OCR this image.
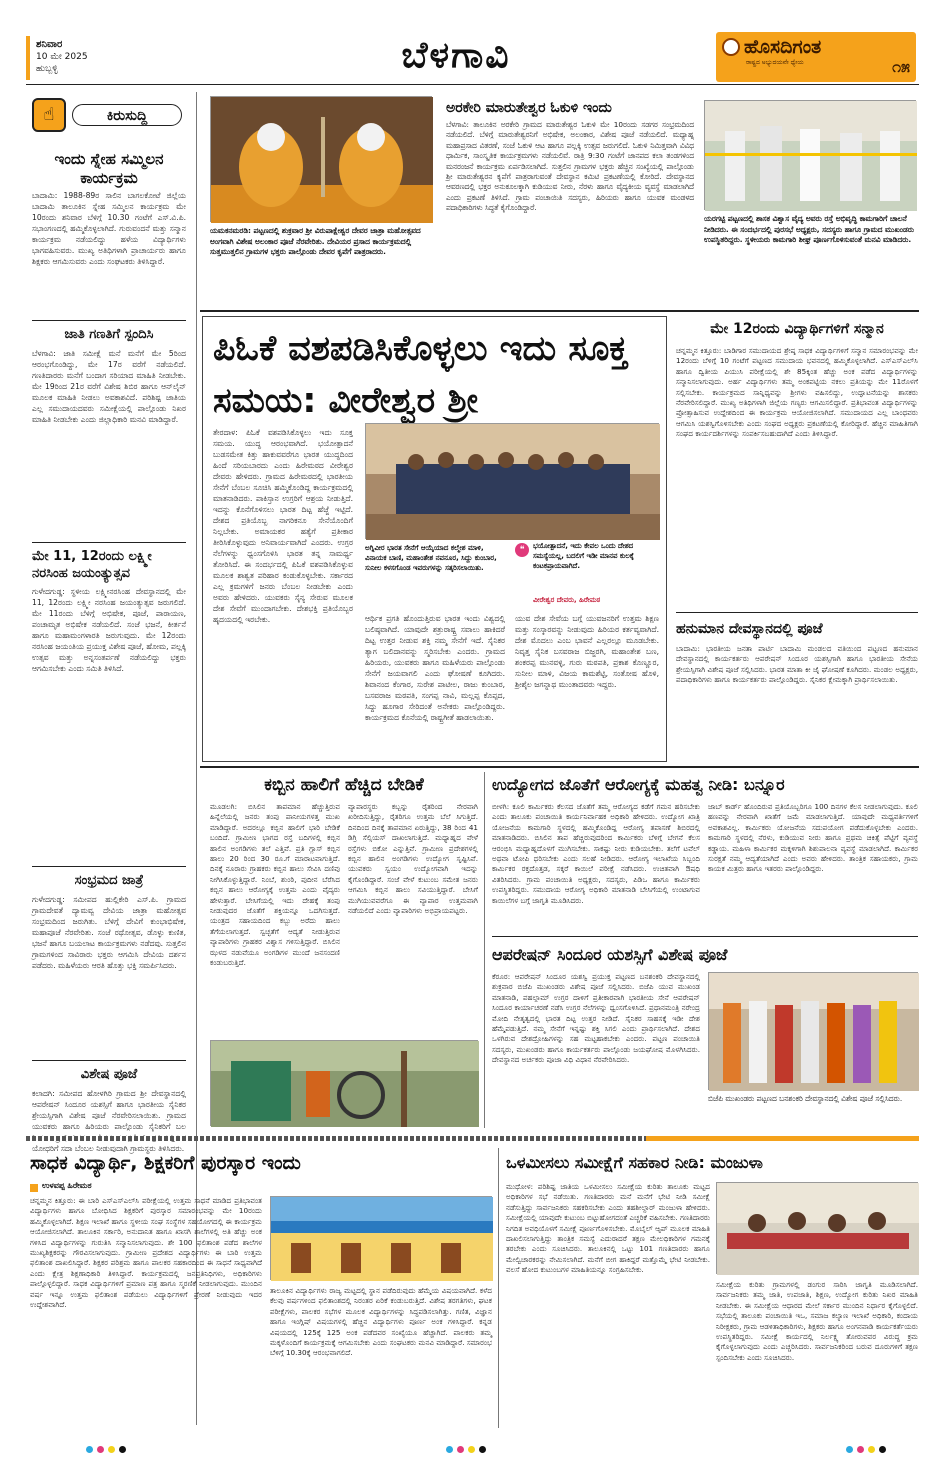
ಶನಿವಾರ
10 ಮೇ 2025
ಹುಬ್ಬಳ್ಳಿ	ಬೆಳಗಾವಿ	ಹೊಸದಿಗಂತ
ರಾಷ್ಟ್ರದ ಅಭ್ಯುದಯವೇ ಧ್ಯೇಯ	೧೫
☝	ಕಿರುಸುದ್ದಿ
ಇಂದು ಸ್ನೇಹ ಸಮ್ಮಿಲನ ಕಾರ್ಯಕ್ರಮ
ಬಾದಾಮಿ: 1988-89ರ ಸಾಲಿನ ಬಾಗಲಕೋಟೆ ಜಿಲ್ಲೆಯ ಬಾದಾಮಿ ತಾಲೂಕಿನ ಸ್ನೇಹ ಸಮ್ಮಿಲನ ಕಾರ್ಯಕ್ರಮ ಮೇ 10ರಂದು ಶನಿವಾರ ಬೆಳಿಗ್ಗೆ 10.30 ಗಂಟೆಗೆ ಎಸ್.ವಿ.ಪಿ. ಸಭಾಂಗಣದಲ್ಲಿ ಹಮ್ಮಿಕೊಳ್ಳಲಾಗಿದೆ. ಗುರುವಂದನೆ ಮತ್ತು ಸನ್ಮಾನ ಕಾರ್ಯಕ್ರಮ ನಡೆಯಲಿದ್ದು ಹಳೆಯ ವಿದ್ಯಾರ್ಥಿಗಳು ಭಾಗವಹಿಸುವರು. ಮುಖ್ಯ ಅತಿಥಿಗಳಾಗಿ ಪ್ರಾಚಾರ್ಯರು ಹಾಗೂ ಶಿಕ್ಷಕರು ಆಗಮಿಸುವರು ಎಂದು ಸಂಘಟಕರು ತಿಳಿಸಿದ್ದಾರೆ.
ಜಾತಿ ಗಣತಿಗೆ ಸ್ಪಂದಿಸಿ
ಬೆಳಗಾವಿ: ಜಾತಿ ಸಮೀಕ್ಷೆ ಮನೆ ಮನೆಗೆ ಮೇ 5ರಿಂದ ಆರಂಭಗೊಂಡಿದ್ದು, ಮೇ 17ರ ವರೆಗೆ ನಡೆಯಲಿದೆ. ಗಣತಿದಾರರು ಮನೆಗೆ ಬಂದಾಗ ಸರಿಯಾದ ಮಾಹಿತಿ ನೀಡಬೇಕು. ಮೇ 19ರಿಂದ 21ರ ವರೆಗೆ ವಿಶೇಷ ಶಿಬಿರ ಹಾಗೂ ಆನ್‌ಲೈನ್ ಮೂಲಕ ಮಾಹಿತಿ ನೀಡಲು ಅವಕಾಶವಿದೆ. ಪರಿಶಿಷ್ಟ ಜಾತಿಯ ಎಲ್ಲ ಸಮುದಾಯದವರು ಸಮೀಕ್ಷೆಯಲ್ಲಿ ಪಾಲ್ಗೊಂಡು ನಿಖರ ಮಾಹಿತಿ ನೀಡಬೇಕು ಎಂದು ಜಿಲ್ಲಾಧಿಕಾರಿ ಮನವಿ ಮಾಡಿದ್ದಾರೆ.
ಮೇ 11, 12ರಂದು ಲಕ್ಷ್ಮೀ ನರಸಿಂಹ ಜಯಂತ್ಯುತ್ಸವ
ಗುಳೇದಗುಡ್ಡ: ಸ್ಥಳೀಯ ಲಕ್ಷ್ಮೀನರಸಿಂಹ ದೇವಸ್ಥಾನದಲ್ಲಿ ಮೇ 11, 12ರಂದು ಲಕ್ಷ್ಮೀ ನರಸಿಂಹ ಜಯಂತ್ಯುತ್ಸವ ಜರುಗಲಿದೆ. ಮೇ 11ರಂದು ಬೆಳಿಗ್ಗೆ ಅಭಿಷೇಕ, ಪೂಜೆ, ಪಾರಾಯಣ, ಪಂಚಾಮೃತ ಅಭಿಷೇಕ ನಡೆಯಲಿದೆ. ಸಂಜೆ ಭಜನೆ, ಕೀರ್ತನೆ ಹಾಗೂ ಮಹಾಮಂಗಳಾರತಿ ಜರುಗುವುದು. ಮೇ 12ರಂದು ನರಸಿಂಹ ಜಯಂತಿಯ ಪ್ರಯುಕ್ತ ವಿಶೇಷ ಪೂಜೆ, ಹೋಮ, ಪಲ್ಲಕ್ಕಿ ಉತ್ಸವ ಮತ್ತು ಅನ್ನಸಂತರ್ಪಣೆ ನಡೆಯಲಿದ್ದು ಭಕ್ತರು ಆಗಮಿಸಬೇಕು ಎಂದು ಸಮಿತಿ ತಿಳಿಸಿದೆ.
ಸಂಭ್ರಮದ ಜಾತ್ರೆ
ಗುಳೇದಗುಡ್ಡ: ಸಮೀಪದ ಹುಲ್ಲಿಕೇರಿ ಎಸ್.ಪಿ. ಗ್ರಾಮದ ಗ್ರಾಮದೇವತೆ ದ್ಯಾಮವ್ವ ದೇವಿಯ ಜಾತ್ರಾ ಮಹೋತ್ಸವ ಸಂಭ್ರಮದಿಂದ ಜರುಗಿತು. ಬೆಳಿಗ್ಗೆ ದೇವಿಗೆ ಕುಂಭಾಭಿಷೇಕ, ಮಹಾಪೂಜೆ ನೆರವೇರಿತು. ಸಂಜೆ ರಥೋತ್ಸವ, ಡೊಳ್ಳು ಕುಣಿತ, ಭಜನೆ ಹಾಗೂ ಬಯಲಾಟ ಕಾರ್ಯಕ್ರಮಗಳು ನಡೆದವು. ಸುತ್ತಲಿನ ಗ್ರಾಮಗಳಿಂದ ಸಾವಿರಾರು ಭಕ್ತರು ಆಗಮಿಸಿ ದೇವಿಯ ದರ್ಶನ ಪಡೆದರು. ಮಹಿಳೆಯರು ಆರತಿ ಹೊತ್ತು ಭಕ್ತಿ ಸಮರ್ಪಿಸಿದರು.
ವಿಶೇಷ ಪೂಜೆ
ಕಲಾದಗಿ: ಸಮೀಪದ ಹೋಳಗಿರಿ ಗ್ರಾಮದ ಶ್ರೀ ದೇವಸ್ಥಾನದಲ್ಲಿ ಆಪರೇಷನ್ ಸಿಂದೂರ ಯಶಸ್ಸಿಗೆ ಹಾಗೂ ಭಾರತೀಯ ಸೈನಿಕರ ಶ್ರೇಯಸ್ಸಿಗಾಗಿ ವಿಶೇಷ ಪೂಜೆ ನೆರವೇರಿಸಲಾಯಿತು. ಗ್ರಾಮದ ಯುವಕರು ಹಾಗೂ ಹಿರಿಯರು ಪಾಲ್ಗೊಂಡು ಸೈನಿಕರಿಗೆ ಬಲ      ಯೋಧರಿಗೆ ಸದಾ ಬೆಂಬಲ ನೀಡುವುದಾಗಿ ಗ್ರಾಮಸ್ಥರು ತಿಳಿಸಿದರು.
ಯಮಕನಮರಡಿ: ಪಟ್ಟಣದಲ್ಲಿ ಶುಕ್ರವಾರ ಶ್ರೀ ವಿರುಪಾಕ್ಷೇಶ್ವರ ದೇವರ ಜಾತ್ರಾ ಮಹೋತ್ಸವದ ಅಂಗವಾಗಿ ವಿಶೇಷ ಅಲಂಕಾರ ಪೂಜೆ ನೆರವೇರಿತು. ದೇವಿಯರ ಪ್ರಸಾದ ಕಾರ್ಯಕ್ರಮದಲ್ಲಿ ಸುತ್ತಮುತ್ತಲಿನ ಗ್ರಾಮಗಳ ಭಕ್ತರು ಪಾಲ್ಗೊಂಡು ದೇವರ ಕೃಪೆಗೆ ಪಾತ್ರರಾದರು.
ಅರಕೇರಿ ಮಾರುತೇಶ್ವರ ಓಕುಳಿ ಇಂದು
ಬೆಳಗಾವಿ: ತಾಲೂಕಿನ ಅರಕೇರಿ ಗ್ರಾಮದ ಮಾರುತೇಶ್ವರ ಓಕುಳಿ ಮೇ 10ರಂದು ಸಡಗರ ಸಂಭ್ರಮದಿಂದ ನಡೆಯಲಿದೆ. ಬೆಳಿಗ್ಗೆ ಮಾರುತೇಶ್ವರನಿಗೆ ಅಭಿಷೇಕ, ಅಲಂಕಾರ, ವಿಶೇಷ ಪೂಜೆ ನಡೆಯಲಿದೆ. ಮಧ್ಯಾಹ್ನ ಮಹಾಪ್ರಸಾದ ವಿತರಣೆ, ಸಂಜೆ ಓಕುಳಿ ಆಟ ಹಾಗೂ ಪಲ್ಲಕ್ಕಿ ಉತ್ಸವ ಜರುಗಲಿದೆ. ಓಕುಳಿ ನಿಮಿತ್ತವಾಗಿ ವಿವಿಧ ಧಾರ್ಮಿಕ, ಸಾಂಸ್ಕೃತಿಕ ಕಾರ್ಯಕ್ರಮಗಳು ನಡೆಯಲಿವೆ. ರಾತ್ರಿ 9:30 ಗಂಟೆಗೆ ಜಾನಪದ ಕಲಾ ತಂಡಗಳಿಂದ ಮನರಂಜನೆ ಕಾರ್ಯಕ್ರಮ ಏರ್ಪಡಿಸಲಾಗಿದೆ. ಸುತ್ತಲಿನ ಗ್ರಾಮಗಳ ಭಕ್ತರು ಹೆಚ್ಚಿನ ಸಂಖ್ಯೆಯಲ್ಲಿ ಪಾಲ್ಗೊಂಡು ಶ್ರೀ ಮಾರುತೇಶ್ವರನ ಕೃಪೆಗೆ ಪಾತ್ರರಾಗುವಂತೆ ದೇವಸ್ಥಾನ ಕಮಿಟಿ ಪ್ರಕಟಣೆಯಲ್ಲಿ ಕೋರಿದೆ. ದೇವಸ್ಥಾನದ ಆವರಣದಲ್ಲಿ ಭಕ್ತರ ಅನುಕೂಲಕ್ಕಾಗಿ ಕುಡಿಯುವ ನೀರು, ನೆರಳು ಹಾಗೂ ವೈದ್ಯಕೀಯ ವ್ಯವಸ್ಥೆ ಮಾಡಲಾಗಿದೆ ಎಂದು ಪ್ರಕಟಣೆ ತಿಳಿಸಿದೆ. ಗ್ರಾಮ ಪಂಚಾಯಿತಿ ಸದಸ್ಯರು, ಹಿರಿಯರು ಹಾಗೂ ಯುವಕ ಮಂಡಳದ ಪದಾಧಿಕಾರಿಗಳು ಸಿದ್ಧತೆ ಕೈಗೊಂಡಿದ್ದಾರೆ.
ಯರಗಟ್ಟಿ ಪಟ್ಟಣದಲ್ಲಿ ಶಾಸಕ ವಿಶ್ವಾಸ ವೈದ್ಯ ಅವರು ರಸ್ತೆ ಅಭಿವೃದ್ಧಿ ಕಾಮಗಾರಿಗೆ ಚಾಲನೆ ನೀಡಿದರು. ಈ ಸಂದರ್ಭದಲ್ಲಿ ಪುರಸಭೆ ಅಧ್ಯಕ್ಷರು, ಸದಸ್ಯರು ಹಾಗೂ ಗ್ರಾಮದ ಮುಖಂಡರು ಉಪಸ್ಥಿತರಿದ್ದರು. ಸ್ಥಳೀಯರು ಕಾಮಗಾರಿ ಶೀಘ್ರ ಪೂರ್ಣಗೊಳಿಸುವಂತೆ ಮನವಿ ಮಾಡಿದರು.
ಪಿಓಕೆ ವಶಪಡಿಸಿಕೊಳ್ಳಲು ಇದು ಸೂಕ್ತ ಸಮಯ: ವೀರೇಶ್ವರ ಶ್ರೀ
ತೇರದಾಳ: ಪಿಓಕೆ ವಶಪಡಿಸಿಕೊಳ್ಳಲು ಇದು ಸೂಕ್ತ ಸಮಯ. ಯುದ್ಧ ಆರಂಭವಾಗಿದೆ. ಭಯೋತ್ಪಾದನೆ ಬುಡಸಮೇತ ಕಿತ್ತು ಹಾಕುವವರೆಗೂ ಭಾರತ ಯುದ್ಧದಿಂದ ಹಿಂದೆ ಸರಿಯಬಾರದು ಎಂದು ಹಿರೇಮಠದ ವೀರೇಶ್ವರ ದೇವರು ಹೇಳಿದರು. ಗ್ರಾಮದ ಹಿರೇಮಠದಲ್ಲಿ ಭಾರತೀಯ ಸೇನೆಗೆ ಬೆಂಬಲ ಸೂಚಿಸಿ ಹಮ್ಮಿಕೊಂಡಿದ್ದ ಕಾರ್ಯಕ್ರಮದಲ್ಲಿ ಮಾತನಾಡಿದರು. ಪಾಕಿಸ್ತಾನ ಉಗ್ರರಿಗೆ ಆಶ್ರಯ ನೀಡುತ್ತಿದೆ. ಇದನ್ನು ಕೊನೆಗೊಳಿಸಲು ಭಾರತ ದಿಟ್ಟ ಹೆಜ್ಜೆ ಇಟ್ಟಿದೆ. ದೇಶದ ಪ್ರತಿಯೊಬ್ಬ ನಾಗರಿಕನೂ ಸೇನೆಯೊಂದಿಗೆ ನಿಲ್ಲಬೇಕು. ಅಮಾಯಕರ ಹತ್ಯೆಗೆ ಪ್ರತೀಕಾರ ತೀರಿಸಿಕೊಳ್ಳುವುದು ಅನಿವಾರ್ಯವಾಗಿದೆ ಎಂದರು. ಉಗ್ರರ ನೆಲೆಗಳನ್ನು ಧ್ವಂಸಗೊಳಿಸಿ ಭಾರತ ತನ್ನ ಸಾಮರ್ಥ್ಯ ತೋರಿಸಿದೆ. ಈ ಸಂದರ್ಭದಲ್ಲಿ ಪಿಓಕೆ ವಶಪಡಿಸಿಕೊಳ್ಳುವ ಮೂಲಕ ಶಾಶ್ವತ ಪರಿಹಾರ ಕಂಡುಕೊಳ್ಳಬೇಕು. ಸರ್ಕಾರದ ಎಲ್ಲ ಕ್ರಮಗಳಿಗೆ ಜನರು ಬೆಂಬಲ ನೀಡಬೇಕು ಎಂದು ಅವರು ಹೇಳಿದರು. ಯುವಕರು ಸೈನ್ಯ ಸೇರುವ ಮೂಲಕ ದೇಶ ಸೇವೆಗೆ ಮುಂದಾಗಬೇಕು. ದೇಶಭಕ್ತಿ ಪ್ರತಿಯೊಬ್ಬರ ಹೃದಯದಲ್ಲಿ ಇರಬೇಕು.
ಅಗ್ನಿವೀರ ಭಾರತ ಸೇನೆಗೆ ಆಯ್ಕೆಯಾದ ಕಲ್ಮೇಶ ಮಾಳಿ, ವಿನಾಯಕ ಬಾಣಿ, ಮಹಾಂತೇಶ ನವನೂರ, ಸಿದ್ದು ಕುಂಬಾರ, ಸುನೀಲ ಕಳಸಗೊಂಡ ಇವರುಗಳನ್ನು ಸತ್ಕರಿಸಲಾಯಿತು.
❝	ಭಯೋತ್ಪಾದನೆ, ಇದು ಕೇವಲ ಒಂದು ದೇಶದ ಸಮಸ್ಯೆಯಲ್ಲ, ಬದಲಿಗೆ ಇಡೀ ಮಾನವ ಕುಲಕ್ಕೆ ಕಂಟಕಪ್ರಾಯವಾಗಿದೆ.
ವೀರೇಶ್ವರ ದೇವರು, ಹಿರೇಮಠ
ಆರ್ಥಿಕ ಪ್ರಗತಿ ಹೊಂದುತ್ತಿರುವ ಭಾರತ ಇಂದು ವಿಶ್ವದಲ್ಲಿ ಬಲಿಷ್ಠವಾಗಿದೆ. ಯಾವುದೇ ಶತ್ರುರಾಷ್ಟ್ರ ಸವಾಲು ಹಾಕಿದರೆ ದಿಟ್ಟ ಉತ್ತರ ನೀಡುವ ಶಕ್ತಿ ನಮ್ಮ ಸೇನೆಗೆ ಇದೆ. ಸೈನಿಕರ ತ್ಯಾಗ ಬಲಿದಾನವನ್ನು ಸ್ಮರಿಸಬೇಕು ಎಂದರು. ಗ್ರಾಮದ ಹಿರಿಯರು, ಯುವಕರು ಹಾಗೂ ಮಹಿಳೆಯರು ಪಾಲ್ಗೊಂಡು ಸೇನೆಗೆ ಜಯವಾಗಲಿ ಎಂದು ಘೋಷಣೆ ಕೂಗಿದರು. ಶಿವಾನಂದ ಕೆಂಗಾರ, ಸುರೇಶ ಪಾಟೀಲ, ರಾಜು ಕುಂಬಾರ, ಬಸವರಾಜ ಮಠಪತಿ, ಸಂಗಪ್ಪ ನಾವಿ, ಮಲ್ಲಪ್ಪ ಕೊಪ್ಪದ, ಸಿದ್ದು ಹೂಗಾರ ಸೇರಿದಂತೆ ಅನೇಕರು ಪಾಲ್ಗೊಂಡಿದ್ದರು. ಕಾರ್ಯಕ್ರಮದ ಕೊನೆಯಲ್ಲಿ ರಾಷ್ಟ್ರಗೀತೆ ಹಾಡಲಾಯಿತು.
ಯುವ ದೇಶ ಸೇವೆಯ ಬಗ್ಗೆ ಯುವಜನರಿಗೆ ಉತ್ತಮ ಶಿಕ್ಷಣ ಮತ್ತು ಸಂಸ್ಕಾರವನ್ನು ನೀಡುವುದು ಹಿರಿಯರ ಕರ್ತವ್ಯವಾಗಿದೆ. ದೇಶ ಮೊದಲು ಎಂಬ ಭಾವನೆ ಎಲ್ಲರಲ್ಲೂ ಮೂಡಬೇಕು. ನಿವೃತ್ತ ಸೈನಿಕ ಬಸವರಾಜ ಬಿಜ್ಜರಗಿ, ಮಹಾಂತೇಶ ಬಣ, ಶಂಕರಪ್ಪ ಮುನವಳ್ಳಿ, ಗುರು ಮಠಪತಿ, ಪ್ರಕಾಶ ಕೊಣ್ಣೂರ, ಸುನೀಲ ಮಾಳಿ, ವಿಜಯ ಕಾಮಶೆಟ್ಟಿ, ಸಂತೋಷ ಹೊಳಿ, ಶ್ರೀಶೈಲ ಜಗನ್ನಾಥ ಮುಂತಾದವರು ಇದ್ದರು.
ಮೇ 12ರಂದು ವಿದ್ಯಾರ್ಥಿಗಳಿಗೆ ಸನ್ಮಾನ
ಚನ್ನಮ್ಮನ ಕಿತ್ತೂರು: ಬಾಡಿಗಾರ ಸಮುದಾಯದ ಶ್ರೇಷ್ಠ ಸಾಧಕ ವಿದ್ಯಾರ್ಥಿಗಳಿಗೆ ಸನ್ಮಾನ ಸಮಾರಂಭವನ್ನು ಮೇ 12ರಂದು ಬೆಳಿಗ್ಗೆ 10 ಗಂಟೆಗೆ ಪಟ್ಟಣದ ಸಮುದಾಯ ಭವನದಲ್ಲಿ ಹಮ್ಮಿಕೊಳ್ಳಲಾಗಿದೆ. ಎಸ್‌ಎಸ್‌ಎಲ್‌ಸಿ ಹಾಗೂ ದ್ವಿತೀಯ ಪಿಯುಸಿ ಪರೀಕ್ಷೆಯಲ್ಲಿ ಶೇ 85ಕ್ಕಿಂತ ಹೆಚ್ಚು ಅಂಕ ಪಡೆದ ವಿದ್ಯಾರ್ಥಿಗಳನ್ನು ಸನ್ಮಾನಿಸಲಾಗುವುದು. ಅರ್ಹ ವಿದ್ಯಾರ್ಥಿಗಳು ತಮ್ಮ ಅಂಕಪಟ್ಟಿಯ ನಕಲು ಪ್ರತಿಯನ್ನು ಮೇ 11ರೊಳಗೆ ಸಲ್ಲಿಸಬೇಕು. ಕಾರ್ಯಕ್ರಮದ ಸಾನ್ನಿಧ್ಯವನ್ನು ಶ್ರೀಗಳು ವಹಿಸಲಿದ್ದು, ಉದ್ಘಾಟನೆಯನ್ನು ಶಾಸಕರು ನೆರವೇರಿಸಲಿದ್ದಾರೆ. ಮುಖ್ಯ ಅತಿಥಿಗಳಾಗಿ ಜಿಲ್ಲೆಯ ಗಣ್ಯರು ಆಗಮಿಸಲಿದ್ದಾರೆ. ಪ್ರತಿಭಾವಂತ ವಿದ್ಯಾರ್ಥಿಗಳನ್ನು ಪ್ರೋತ್ಸಾಹಿಸುವ ಉದ್ದೇಶದಿಂದ ಈ ಕಾರ್ಯಕ್ರಮ ಆಯೋಜಿಸಲಾಗಿದೆ. ಸಮುದಾಯದ ಎಲ್ಲ ಬಾಂಧವರು ಆಗಮಿಸಿ ಯಶಸ್ವಿಗೊಳಿಸಬೇಕು ಎಂದು ಸಂಘದ ಅಧ್ಯಕ್ಷರು ಪ್ರಕಟಣೆಯಲ್ಲಿ ಕೋರಿದ್ದಾರೆ. ಹೆಚ್ಚಿನ ಮಾಹಿತಿಗಾಗಿ ಸಂಘದ ಕಾರ್ಯದರ್ಶಿಗಳನ್ನು ಸಂಪರ್ಕಿಸಬಹುದಾಗಿದೆ ಎಂದು ತಿಳಿಸಿದ್ದಾರೆ.
ಹನುಮಾನ ದೇವಸ್ಥಾನದಲ್ಲಿ ಪೂಜೆ
ಬಾದಾಮಿ: ಭಾರತೀಯ ಜನತಾ ಪಾರ್ಟಿ ಬಾದಾಮಿ ಮಂಡಲದ ವತಿಯಿಂದ ಪಟ್ಟಣದ ಹನುಮಾನ ದೇವಸ್ಥಾನದಲ್ಲಿ ಕಾರ್ಯಕರ್ತರು ಆಪರೇಷನ್ ಸಿಂದೂರ ಯಶಸ್ಸಿಗಾಗಿ ಹಾಗೂ ಭಾರತೀಯ ಸೇನೆಯ ಶ್ರೇಯಸ್ಸಿಗಾಗಿ ವಿಶೇಷ ಪೂಜೆ ಸಲ್ಲಿಸಿದರು. ಭಾರತ ಮಾತಾ ಕೀ ಜೈ ಘೋಷಣೆ ಕೂಗಿದರು. ಮಂಡಲ ಅಧ್ಯಕ್ಷರು, ಪದಾಧಿಕಾರಿಗಳು ಹಾಗೂ ಕಾರ್ಯಕರ್ತರು ಪಾಲ್ಗೊಂಡಿದ್ದರು. ಸೈನಿಕರ ಕ್ಷೇಮಕ್ಕಾಗಿ ಪ್ರಾರ್ಥಿಸಲಾಯಿತು.
ಕಬ್ಬಿನ ಹಾಲಿಗೆ ಹೆಚ್ಚಿದ ಬೇಡಿಕೆ
ಮೂಡಲಗಿ: ಬಿಸಿಲಿನ ತಾಪಮಾನ ಹೆಚ್ಚುತ್ತಿರುವ ಹಿನ್ನೆಲೆಯಲ್ಲಿ ಜನರು ತಂಪು ಪಾನೀಯಗಳತ್ತ ಮುಖ ಮಾಡಿದ್ದಾರೆ. ಅದರಲ್ಲೂ ಕಬ್ಬಿನ ಹಾಲಿಗೆ ಭಾರಿ ಬೇಡಿಕೆ ಬಂದಿದೆ. ಗ್ರಾಮೀಣ ಭಾಗದ ರಸ್ತೆ ಬದಿಗಳಲ್ಲಿ ಕಬ್ಬಿನ ಹಾಲಿನ ಅಂಗಡಿಗಳು ತಲೆ ಎತ್ತಿವೆ. ಪ್ರತಿ ಗ್ಲಾಸ್ ಕಬ್ಬಿನ ಹಾಲು 20 ರಿಂದ 30 ರೂ.ಗೆ ಮಾರಾಟವಾಗುತ್ತಿದೆ. ದಿನಕ್ಕೆ ನೂರಾರು ಗ್ರಾಹಕರು ಕಬ್ಬಿನ ಹಾಲು ಸೇವಿಸಿ ದಣಿವು ನೀಗಿಸಿಕೊಳ್ಳುತ್ತಿದ್ದಾರೆ. ನಿಂಬೆ, ಶುಂಠಿ, ಪುದೀನ ಬೆರೆಸಿದ ಕಬ್ಬಿನ ಹಾಲು ಆರೋಗ್ಯಕ್ಕೆ ಉತ್ತಮ ಎಂದು ವೈದ್ಯರು ಹೇಳುತ್ತಾರೆ. ಬೇಸಿಗೆಯಲ್ಲಿ ಇದು ದೇಹಕ್ಕೆ ತಂಪು ನೀಡುವುದರ ಜೊತೆಗೆ ಶಕ್ತಿಯನ್ನೂ ಒದಗಿಸುತ್ತದೆ. ಯಂತ್ರದ ಸಹಾಯದಿಂದ ಕಬ್ಬು ಅರೆದು ಹಾಲು ತೆಗೆಯಲಾಗುತ್ತದೆ. ಸ್ವಚ್ಛತೆಗೆ ಆದ್ಯತೆ ನೀಡುತ್ತಿರುವ ವ್ಯಾಪಾರಿಗಳು ಗ್ರಾಹಕರ ವಿಶ್ವಾಸ ಗಳಿಸುತ್ತಿದ್ದಾರೆ. ಬಿಸಿಲಿನ ಝಳದ ನಡುವೆಯೂ ಅಂಗಡಿಗಳ ಮುಂದೆ ಜನಸಂದಣಿ ಕಂಡುಬರುತ್ತಿದೆ.
ವ್ಯಾಪಾರಸ್ಥರು ಕಬ್ಬನ್ನು ರೈತರಿಂದ ನೇರವಾಗಿ ಖರೀದಿಸುತ್ತಿದ್ದು, ರೈತರಿಗೂ ಉತ್ತಮ ಬೆಲೆ ಸಿಗುತ್ತಿದೆ. ದಿನದಿಂದ ದಿನಕ್ಕೆ ತಾಪಮಾನ ಏರುತ್ತಿದ್ದು, 38 ರಿಂದ 41 ಡಿಗ್ರಿ ಸೆಲ್ಸಿಯಸ್ ದಾಖಲಾಗುತ್ತಿದೆ. ಮಧ್ಯಾಹ್ನದ ವೇಳೆ ರಸ್ತೆಗಳು ಬಿಕೋ ಎನ್ನುತ್ತಿವೆ. ಗ್ರಾಮೀಣ ಪ್ರದೇಶಗಳಲ್ಲಿ ಕಬ್ಬಿನ ಹಾಲಿನ ಅಂಗಡಿಗಳು ಉದ್ಯೋಗ ಸೃಷ್ಟಿಸಿವೆ. ಯುವಕರು ಸ್ವಯಂ ಉದ್ಯೋಗವಾಗಿ ಇದನ್ನು ಕೈಗೊಂಡಿದ್ದಾರೆ. ಸಂಜೆ ವೇಳೆ ಕುಟುಂಬ ಸಮೇತ ಜನರು ಆಗಮಿಸಿ ಕಬ್ಬಿನ ಹಾಲು ಸವಿಯುತ್ತಿದ್ದಾರೆ. ಬೇಸಿಗೆ ಮುಗಿಯುವವರೆಗೂ ಈ ವ್ಯಾಪಾರ ಉತ್ತಮವಾಗಿ ನಡೆಯಲಿದೆ ಎಂದು ವ್ಯಾಪಾರಿಗಳು ಅಭಿಪ್ರಾಯಪಟ್ಟರು.
ಉದ್ಯೋಗದ ಜೊತೆಗೆ ಆರೋಗ್ಯಕ್ಕೆ ಮಹತ್ವ ನೀಡಿ: ಬನ್ನೂರ
ಬೀಳಗಿ: ಕೂಲಿ ಕಾರ್ಮಿಕರು ಕೆಲಸದ ಜೊತೆಗೆ ತಮ್ಮ ಆರೋಗ್ಯದ ಕಡೆಗೆ ಗಮನ ಹರಿಸಬೇಕು ಎಂದು ತಾಲೂಕು ಪಂಚಾಯಿತಿ ಕಾರ್ಯನಿರ್ವಾಹಕ ಅಧಿಕಾರಿ ಹೇಳಿದರು. ಉದ್ಯೋಗ ಖಾತ್ರಿ ಯೋಜನೆಯ ಕಾಮಗಾರಿ ಸ್ಥಳದಲ್ಲಿ ಹಮ್ಮಿಕೊಂಡಿದ್ದ ಆರೋಗ್ಯ ತಪಾಸಣೆ ಶಿಬಿರದಲ್ಲಿ ಮಾತನಾಡಿದರು. ಬಿಸಿಲಿನ ತಾಪ ಹೆಚ್ಚಿರುವುದರಿಂದ ಕಾರ್ಮಿಕರು ಬೆಳಿಗ್ಗೆ ಬೇಗನೆ ಕೆಲಸ ಆರಂಭಿಸಿ ಮಧ್ಯಾಹ್ನದೊಳಗೆ ಮುಗಿಸಬೇಕು. ಸಾಕಷ್ಟು ನೀರು ಕುಡಿಯಬೇಕು. ತಲೆಗೆ ಟವೆಲ್ ಅಥವಾ ಟೋಪಿ ಧರಿಸಬೇಕು ಎಂದು ಸಲಹೆ ನೀಡಿದರು. ಆರೋಗ್ಯ ಇಲಾಖೆಯ ಸಿಬ್ಬಂದಿ ಕಾರ್ಮಿಕರ ರಕ್ತದೊತ್ತಡ, ಸಕ್ಕರೆ ಕಾಯಿಲೆ ಪರೀಕ್ಷೆ ನಡೆಸಿದರು. ಉಚಿತವಾಗಿ ಔಷಧಿ ವಿತರಿಸಿದರು. ಗ್ರಾಮ ಪಂಚಾಯಿತಿ ಅಧ್ಯಕ್ಷರು, ಸದಸ್ಯರು, ಪಿಡಿಒ ಹಾಗೂ ಕಾರ್ಮಿಕರು ಉಪಸ್ಥಿತರಿದ್ದರು. ಸಮುದಾಯ ಆರೋಗ್ಯ ಅಧಿಕಾರಿ ಮಾತನಾಡಿ ಬೇಸಿಗೆಯಲ್ಲಿ ಉಂಟಾಗುವ ಕಾಯಿಲೆಗಳ ಬಗ್ಗೆ ಜಾಗೃತಿ ಮೂಡಿಸಿದರು.
ಜಾಬ್ ಕಾರ್ಡ್ ಹೊಂದಿರುವ ಪ್ರತಿಯೊಬ್ಬರಿಗೂ 100 ದಿನಗಳ ಕೆಲಸ ನೀಡಲಾಗುವುದು. ಕೂಲಿ ಹಣವನ್ನು ನೇರವಾಗಿ ಖಾತೆಗೆ ಜಮೆ ಮಾಡಲಾಗುತ್ತಿದೆ. ಯಾವುದೇ ಮಧ್ಯವರ್ತಿಗಳಿಗೆ ಅವಕಾಶವಿಲ್ಲ. ಕಾರ್ಮಿಕರು ಯೋಜನೆಯ ಸದುಪಯೋಗ ಪಡೆದುಕೊಳ್ಳಬೇಕು ಎಂದರು. ಕಾಮಗಾರಿ ಸ್ಥಳದಲ್ಲಿ ನೆರಳು, ಕುಡಿಯುವ ನೀರು ಹಾಗೂ ಪ್ರಥಮ ಚಿಕಿತ್ಸೆ ಪೆಟ್ಟಿಗೆ ವ್ಯವಸ್ಥೆ ಕಡ್ಡಾಯ. ಮಹಿಳಾ ಕಾರ್ಮಿಕರ ಮಕ್ಕಳಿಗಾಗಿ ಶಿಶುಪಾಲನಾ ವ್ಯವಸ್ಥೆ ಮಾಡಲಾಗಿದೆ. ಕಾರ್ಮಿಕರ ಸುರಕ್ಷತೆ ನಮ್ಮ ಆದ್ಯತೆಯಾಗಿದೆ ಎಂದು ಅವರು ಹೇಳಿದರು. ತಾಂತ್ರಿಕ ಸಹಾಯಕರು, ಗ್ರಾಮ ಕಾಯಕ ಮಿತ್ರರು ಹಾಗೂ ಇತರರು ಪಾಲ್ಗೊಂಡಿದ್ದರು.
ಆಪರೇಷನ್ ಸಿಂದೂರ ಯಶಸ್ಸಿಗೆ ವಿಶೇಷ ಪೂಜೆ
ಕೆರೂರ: ಆಪರೇಷನ್ ಸಿಂದೂರ ಯಶಸ್ವಿ ಪ್ರಯುಕ್ತ ಪಟ್ಟಣದ ಬನಶಂಕರಿ ದೇವಸ್ಥಾನದಲ್ಲಿ ಶುಕ್ರವಾರ ಬಿಜೆಪಿ ಮುಖಂಡರು ವಿಶೇಷ ಪೂಜೆ ಸಲ್ಲಿಸಿದರು. ಬಿಜೆಪಿ ಯುವ ಮುಖಂಡ ಮಾತನಾಡಿ, ಪಹಲ್ಗಾಮ್ ಉಗ್ರರ ದಾಳಿಗೆ ಪ್ರತೀಕಾರವಾಗಿ ಭಾರತೀಯ ಸೇನೆ ಆಪರೇಷನ್ ಸಿಂದೂರ ಕಾರ್ಯಾಚರಣೆ ನಡೆಸಿ ಉಗ್ರರ ನೆಲೆಗಳನ್ನು ಧ್ವಂಸಗೊಳಿಸಿದೆ. ಪ್ರಧಾನಮಂತ್ರಿ ನರೇಂದ್ರ ಮೋದಿ ನೇತೃತ್ವದಲ್ಲಿ ಭಾರತ ದಿಟ್ಟ ಉತ್ತರ ನೀಡಿದೆ. ಸೈನಿಕರ ಸಾಹಸಕ್ಕೆ ಇಡೀ ದೇಶ ಹೆಮ್ಮೆಪಡುತ್ತಿದೆ. ನಮ್ಮ ಸೇನೆಗೆ ಇನ್ನಷ್ಟು ಶಕ್ತಿ ಸಿಗಲಿ ಎಂದು ಪ್ರಾರ್ಥಿಸಲಾಗಿದೆ. ದೇಶದ ಒಳಗಿರುವ ದೇಶದ್ರೋಹಿಗಳನ್ನು ಸಹ ಮಟ್ಟಹಾಕಬೇಕು ಎಂದರು. ಪಟ್ಟಣ ಪಂಚಾಯಿತಿ ಸದಸ್ಯರು, ಮುಖಂಡರು ಹಾಗೂ ಕಾರ್ಯಕರ್ತರು ಪಾಲ್ಗೊಂಡು ಜಯಘೋಷ ಮೊಳಗಿಸಿದರು. ದೇವಸ್ಥಾನದ ಅರ್ಚಕರು ಪೂಜಾ ವಿಧಿ ವಿಧಾನ ನೆರವೇರಿಸಿದರು.
ಬಿಜೆಪಿ ಮುಖಂಡರು ಪಟ್ಟಣದ ಬನಶಂಕರಿ ದೇವಸ್ಥಾನದಲ್ಲಿ ವಿಶೇಷ ಪೂಜೆ ಸಲ್ಲಿಸಿದರು.
ಸಾಧಕ ವಿದ್ಯಾರ್ಥಿ, ಶಿಕ್ಷಕರಿಗೆ ಪುರಸ್ಕಾರ ಇಂದು
ಉಳವಪ್ಪ ಹಿರೇಮಠ
ಚನ್ನಮ್ಮನ ಕಿತ್ತೂರು: ಈ ಬಾರಿ ಎಸ್‌ಎಸ್‌ಎಲ್‌ಸಿ ಪರೀಕ್ಷೆಯಲ್ಲಿ ಉತ್ತಮ ಸಾಧನೆ ಮಾಡಿದ ಪ್ರತಿಭಾವಂತ ವಿದ್ಯಾರ್ಥಿಗಳು ಹಾಗೂ ಬೋಧಿಸಿದ ಶಿಕ್ಷಕರಿಗೆ ಪುರಸ್ಕಾರ ಸಮಾರಂಭವನ್ನು ಮೇ 10ರಂದು ಹಮ್ಮಿಕೊಳ್ಳಲಾಗಿದೆ. ಶಿಕ್ಷಣ ಇಲಾಖೆ ಹಾಗೂ ಸ್ಥಳೀಯ ಸಂಘ ಸಂಸ್ಥೆಗಳ ಸಹಯೋಗದಲ್ಲಿ ಈ ಕಾರ್ಯಕ್ರಮ ಆಯೋಜಿಸಲಾಗಿದೆ. ತಾಲೂಕಿನ ಸರ್ಕಾರಿ, ಅನುದಾನಿತ ಹಾಗೂ ಖಾಸಗಿ ಶಾಲೆಗಳಲ್ಲಿ ಅತಿ ಹೆಚ್ಚು ಅಂಕ ಗಳಿಸಿದ ವಿದ್ಯಾರ್ಥಿಗಳನ್ನು ಗುರುತಿಸಿ ಸನ್ಮಾನಿಸಲಾಗುವುದು. ಶೇ 100 ಫಲಿತಾಂಶ ಪಡೆದ ಶಾಲೆಗಳ ಮುಖ್ಯಶಿಕ್ಷಕರನ್ನು ಗೌರವಿಸಲಾಗುವುದು. ಗ್ರಾಮೀಣ ಪ್ರದೇಶದ ವಿದ್ಯಾರ್ಥಿಗಳು ಈ ಬಾರಿ ಉತ್ತಮ ಫಲಿತಾಂಶ ದಾಖಲಿಸಿದ್ದಾರೆ. ಶಿಕ್ಷಕರ ಪರಿಶ್ರಮ ಹಾಗೂ ಪಾಲಕರ ಸಹಕಾರದಿಂದ ಈ ಸಾಧನೆ ಸಾಧ್ಯವಾಗಿದೆ ಎಂದು ಕ್ಷೇತ್ರ ಶಿಕ್ಷಣಾಧಿಕಾರಿ ತಿಳಿಸಿದ್ದಾರೆ. ಕಾರ್ಯಕ್ರಮದಲ್ಲಿ ಜನಪ್ರತಿನಿಧಿಗಳು, ಅಧಿಕಾರಿಗಳು ಪಾಲ್ಗೊಳ್ಳಲಿದ್ದಾರೆ. ಸಾಧಕ ವಿದ್ಯಾರ್ಥಿಗಳಿಗೆ ಪ್ರಮಾಣ ಪತ್ರ ಹಾಗೂ ಸ್ಮರಣಿಕೆ ನೀಡಲಾಗುವುದು. ಮುಂದಿನ ವರ್ಷ ಇನ್ನೂ ಉತ್ತಮ ಫಲಿತಾಂಶ ಪಡೆಯಲು ವಿದ್ಯಾರ್ಥಿಗಳಿಗೆ ಪ್ರೇರಣೆ ನೀಡುವುದು ಇದರ ಉದ್ದೇಶವಾಗಿದೆ.
ತಾಲೂಕಿನ ವಿದ್ಯಾರ್ಥಿಗಳು ರಾಜ್ಯ ಮಟ್ಟದಲ್ಲಿ ಸ್ಥಾನ ಪಡೆದಿರುವುದು ಹೆಮ್ಮೆಯ ವಿಷಯವಾಗಿದೆ. ಕಳೆದ ಕೆಲವು ವರ್ಷಗಳಿಂದ ಫಲಿತಾಂಶದಲ್ಲಿ ನಿರಂತರ ಏರಿಕೆ ಕಂಡುಬರುತ್ತಿದೆ. ವಿಶೇಷ ತರಗತಿಗಳು, ಘಟಕ ಪರೀಕ್ಷೆಗಳು, ಪಾಲಕರ ಸಭೆಗಳ ಮೂಲಕ ವಿದ್ಯಾರ್ಥಿಗಳನ್ನು ಸಿದ್ಧಪಡಿಸಲಾಗಿತ್ತು. ಗಣಿತ, ವಿಜ್ಞಾನ ಹಾಗೂ ಇಂಗ್ಲಿಷ್ ವಿಷಯಗಳಲ್ಲಿ ಹೆಚ್ಚಿನ ವಿದ್ಯಾರ್ಥಿಗಳು ಪೂರ್ಣ ಅಂಕ ಗಳಿಸಿದ್ದಾರೆ. ಕನ್ನಡ ವಿಷಯದಲ್ಲಿ 125ಕ್ಕೆ 125 ಅಂಕ ಪಡೆದವರ ಸಂಖ್ಯೆಯೂ ಹೆಚ್ಚಾಗಿದೆ. ಪಾಲಕರು ತಮ್ಮ ಮಕ್ಕಳೊಂದಿಗೆ ಕಾರ್ಯಕ್ರಮಕ್ಕೆ ಆಗಮಿಸಬೇಕು ಎಂದು ಸಂಘಟಕರು ಮನವಿ ಮಾಡಿದ್ದಾರೆ. ಸಮಾರಂಭ ಬೆಳಿಗ್ಗೆ 10.30ಕ್ಕೆ ಆರಂಭವಾಗಲಿದೆ.
ಒಳಮೀಸಲು ಸಮೀಕ್ಷೆಗೆ ಸಹಕಾರ ನೀಡಿ: ಮಂಜುಳಾ
ಮುಧೋಳ: ಪರಿಶಿಷ್ಟ ಜಾತಿಯ ಒಳಮೀಸಲು ಸಮೀಕ್ಷೆಯ ಕುರಿತು ತಾಲೂಕು ಮಟ್ಟದ ಅಧಿಕಾರಿಗಳ ಸಭೆ ನಡೆಯಿತು. ಗಣತಿದಾರರು ಮನೆ ಮನೆಗೆ ಭೇಟಿ ನೀಡಿ ಸಮೀಕ್ಷೆ ನಡೆಸುತ್ತಿದ್ದು ಸಾರ್ವಜನಿಕರು ಸಹಕರಿಸಬೇಕು ಎಂದು ತಹಶೀಲ್ದಾರ್ ಮಂಜುಳಾ ಹೇಳಿದರು. ಸಮೀಕ್ಷೆಯಲ್ಲಿ ಯಾವುದೇ ಕುಟುಂಬ ಬಿಟ್ಟುಹೋಗದಂತೆ ಎಚ್ಚರಿಕೆ ವಹಿಸಬೇಕು. ಗಣತಿದಾರರು ನಿಗದಿತ ಅವಧಿಯೊಳಗೆ ಸಮೀಕ್ಷೆ ಪೂರ್ಣಗೊಳಿಸಬೇಕು. ಮೊಬೈಲ್ ಆ್ಯಪ್ ಮೂಲಕ ಮಾಹಿತಿ ದಾಖಲಿಸಲಾಗುತ್ತಿದ್ದು ತಾಂತ್ರಿಕ ಸಮಸ್ಯೆ ಎದುರಾದರೆ ತಕ್ಷಣ ಮೇಲಧಿಕಾರಿಗಳ ಗಮನಕ್ಕೆ ತರಬೇಕು ಎಂದು ಸೂಚಿಸಿದರು. ತಾಲೂಕಿನಲ್ಲಿ ಒಟ್ಟು 101 ಗಣತಿದಾರರು ಹಾಗೂ ಮೇಲ್ವಿಚಾರಕರನ್ನು ನೇಮಿಸಲಾಗಿದೆ. ಮನೆಗೆ ಬೀಗ ಹಾಕಿದ್ದರೆ ಮತ್ತೊಮ್ಮೆ ಭೇಟಿ ನೀಡಬೇಕು. ವಲಸೆ ಹೋದ ಕುಟುಂಬಗಳ ಮಾಹಿತಿಯನ್ನೂ ಸಂಗ್ರಹಿಸಬೇಕು.
ಸಮೀಕ್ಷೆಯ ಕುರಿತು ಗ್ರಾಮಗಳಲ್ಲಿ ಡಂಗುರ ಸಾರಿಸಿ ಜಾಗೃತಿ ಮೂಡಿಸಲಾಗಿದೆ. ಸಾರ್ವಜನಿಕರು ತಮ್ಮ ಜಾತಿ, ಉಪಜಾತಿ, ಶಿಕ್ಷಣ, ಉದ್ಯೋಗ ಕುರಿತು ನಿಖರ ಮಾಹಿತಿ ನೀಡಬೇಕು. ಈ ಸಮೀಕ್ಷೆಯ ಆಧಾರದ ಮೇಲೆ ಸರ್ಕಾರ ಮುಂದಿನ ನಿರ್ಧಾರ ಕೈಗೊಳ್ಳಲಿದೆ. ಸಭೆಯಲ್ಲಿ ತಾಲೂಕು ಪಂಚಾಯಿತಿ ಇಒ, ಸಮಾಜ ಕಲ್ಯಾಣ ಇಲಾಖೆ ಅಧಿಕಾರಿ, ಕಂದಾಯ ನಿರೀಕ್ಷಕರು, ಗ್ರಾಮ ಆಡಳಿತಾಧಿಕಾರಿಗಳು, ಶಿಕ್ಷಕರು ಹಾಗೂ ಅಂಗನವಾಡಿ ಕಾರ್ಯಕರ್ತೆಯರು ಉಪಸ್ಥಿತರಿದ್ದರು. ಸಮೀಕ್ಷೆ ಕಾರ್ಯದಲ್ಲಿ ನಿರ್ಲಕ್ಷ್ಯ ತೋರುವವರ ವಿರುದ್ಧ ಕ್ರಮ ಕೈಗೊಳ್ಳಲಾಗುವುದು ಎಂದು ಎಚ್ಚರಿಸಿದರು. ಸಾರ್ವಜನಿಕರಿಂದ ಬರುವ ದೂರುಗಳಿಗೆ ತಕ್ಷಣ ಸ್ಪಂದಿಸಬೇಕು ಎಂದು ಸೂಚಿಸಿದರು.
